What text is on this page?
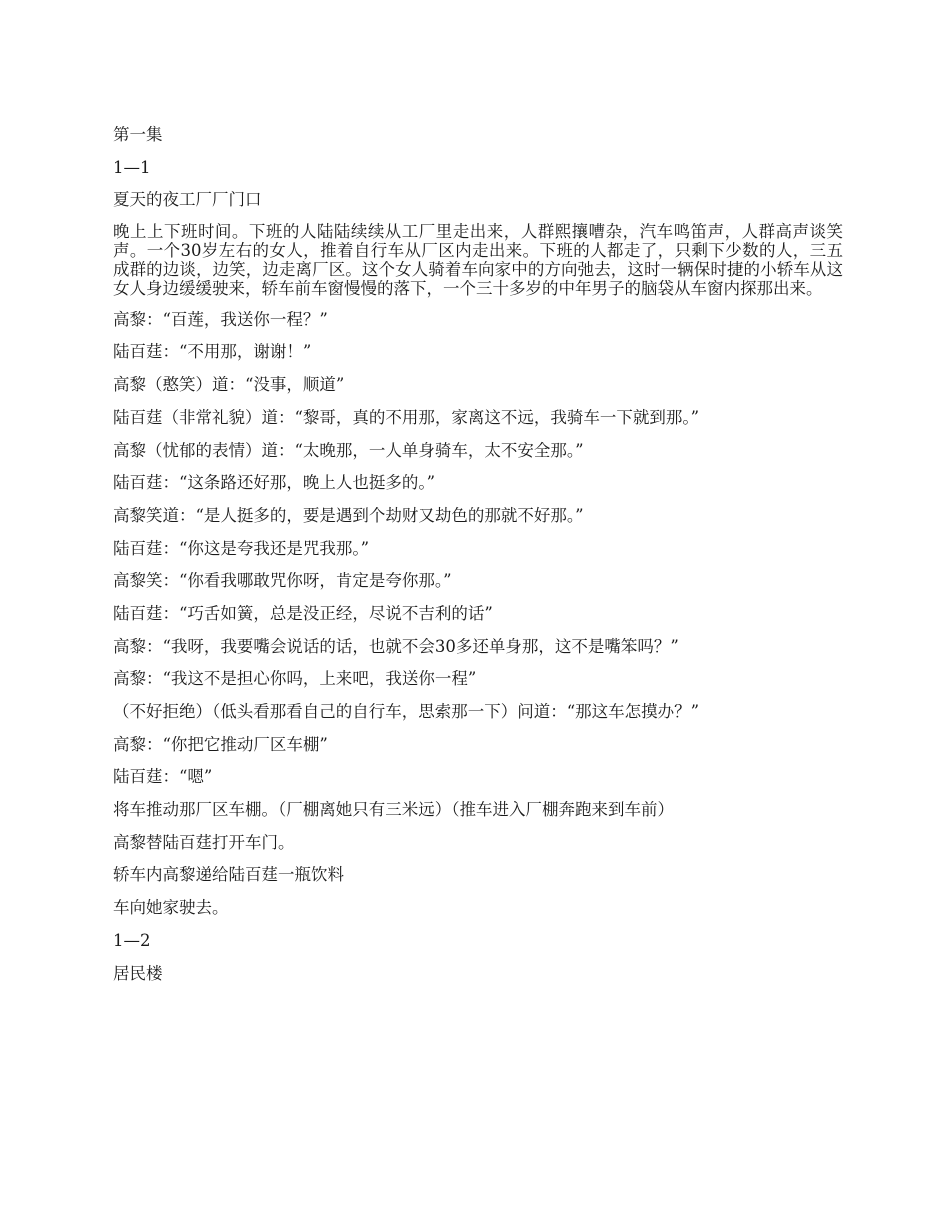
第一集

1—1

夏天的夜工厂厂门口

晚上上下班时间。下班的人陆陆续续从工厂里走出来，人群熙攘嘈杂，汽车鸣笛声，人群高声谈笑声。一个30岁左右的女人，推着自行车从厂区内走出来。下班的人都走了，只剩下少数的人，三五成群的边谈，边笑，边走离厂区。这个女人骑着车向家中的方向弛去，这时一辆保时捷的小轿车从这女人身边缓缓驶来，轿车前车窗慢慢的落下，一个三十多岁的中年男子的脑袋从车窗内探那出来。

高黎：“百莲，我送你一程？”

陆百莛：“不用那，谢谢！”

高黎（憨笑）道：“没事，顺道”

陆百莛（非常礼貌）道：“黎哥，真的不用那，家离这不远，我骑车一下就到那。”

高黎（忧郁的表情）道：“太晚那，一人单身骑车，太不安全那。”

陆百莛：“这条路还好那，晚上人也挺多的。”

高黎笑道：“是人挺多的，要是遇到个劫财又劫色的那就不好那。”

陆百莛：“你这是夸我还是咒我那。”

高黎笑：“你看我哪敢咒你呀，肯定是夸你那。”

陆百莛：“巧舌如簧，总是没正经，尽说不吉利的话”

高黎：“我呀，我要嘴会说话的话，也就不会30多还单身那，这不是嘴笨吗？”

高黎：“我这不是担心你吗，上来吧，我送你一程”

（不好拒绝）（低头看那看自己的自行车，思索那一下）问道：“那这车怎摸办？”

高黎：“你把它推动厂区车棚”

陆百莛：“嗯”

将车推动那厂区车棚。（厂棚离她只有三米远）（推车进入厂棚奔跑来到车前）

高黎替陆百莛打开车门。

轿车内高黎递给陆百莛一瓶饮料

车向她家驶去。

1—2

居民楼
